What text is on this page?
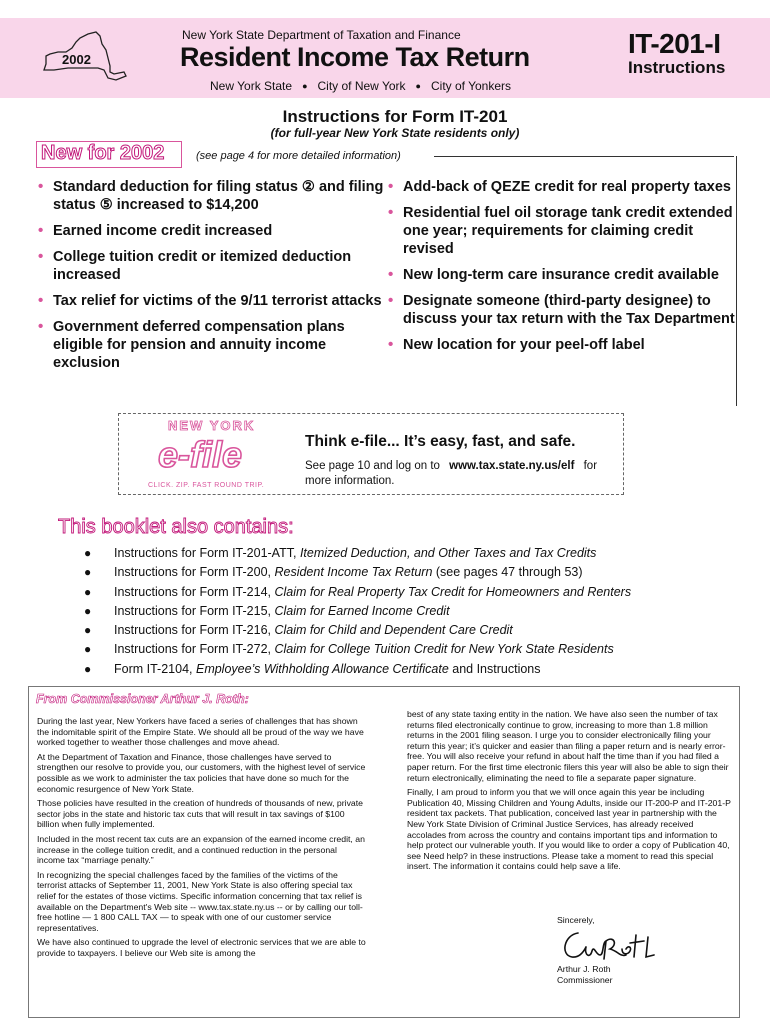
2002
New York State Department of Taxation and Finance
Resident Income Tax Return
New York State ● City of New York ● City of Yonkers
IT-201-I
Instructions
Instructions for Form IT-201
(for full-year New York State residents only)
New for 2002	(see page 4 for more detailed information)
• Standard deduction for filing status ② and filing status ⑤ increased to $14,200
• Earned income credit increased
• College tuition credit or itemized deduction increased
• Tax relief for victims of the 9/11 terrorist attacks
• Government deferred compensation plans eligible for pension and annuity income exclusion
• Add-back of QEZE credit for real property taxes
• Residential fuel oil storage tank credit extended one year; requirements for claiming credit revised
• New long-term care insurance credit available
• Designate someone (third-party designee) to discuss your tax return with the Tax Department
• New location for your peel-off label
NEW YORK
e-file
CLICK. ZIP. FAST ROUND TRIP.
Think e-file... It’s easy, fast, and safe.
See page 10 and log on to www.tax.state.ny.us/elf for more information.
This booklet also contains:
●	Instructions for Form IT-201-ATT, Itemized Deduction, and Other Taxes and Tax Credits
●	Instructions for Form IT-200, Resident Income Tax Return (see pages 47 through 53)
●	Instructions for Form IT-214, Claim for Real Property Tax Credit for Homeowners and Renters
●	Instructions for Form IT-215, Claim for Earned Income Credit
●	Instructions for Form IT-216, Claim for Child and Dependent Care Credit
●	Instructions for Form IT-272, Claim for College Tuition Credit for New York State Residents
●	Form IT-2104, Employee’s Withholding Allowance Certificate and Instructions
From Commissioner Arthur J. Roth:

During the last year, New Yorkers have faced a series of challenges that has shown the indomitable spirit of the Empire State. We should all be proud of the way we have worked together to weather those challenges and move ahead.

At the Department of Taxation and Finance, those challenges have served to strengthen our resolve to provide you, our customers, with the highest level of service possible as we work to administer the tax policies that have done so much for the economic resurgence of New York State.

Those policies have resulted in the creation of hundreds of thousands of new, private sector jobs in the state and historic tax cuts that will result in tax savings of $100 billion when fully implemented.

Included in the most recent tax cuts are an expansion of the earned income credit, an increase in the college tuition credit, and a continued reduction in the personal income tax “marriage penalty.”

In recognizing the special challenges faced by the families of the victims of the terrorist attacks of September 11, 2001, New York State is also offering special tax relief for the estates of those victims. Specific information concerning that tax relief is available on the Department's Web site -- www.tax.state.ny.us -- or by calling our toll-free hotline — 1 800 CALL TAX — to speak with one of our customer service representatives.

We have also continued to upgrade the level of electronic services that we are able to provide to taxpayers. I believe our Web site is among the

best of any state taxing entity in the nation. We have also seen the number of tax returns filed electronically continue to grow, increasing to more than 1.8 million returns in the 2001 filing season. I urge you to consider electronically filing your return this year; it’s quicker and easier than filing a paper return and is nearly error-free. You will also receive your refund in about half the time than if you had filed a paper return. For the first time electronic filers this year will also be able to sign their return electronically, eliminating the need to file a separate paper signature.

Finally, I am proud to inform you that we will once again this year be including Publication 40, Missing Children and Young Adults, inside our IT-200-P and IT-201-P resident tax packets. That publication, conceived last year in partnership with the New York State Division of Criminal Justice Services, has already received accolades from across the country and contains important tips and information to help protect our vulnerable youth. If you would like to order a copy of Publication 40, see Need help? in these instructions. Please take a moment to read this special insert. The information it contains could help save a life.

Sincerely,
Arthur J. Roth
Commissioner
